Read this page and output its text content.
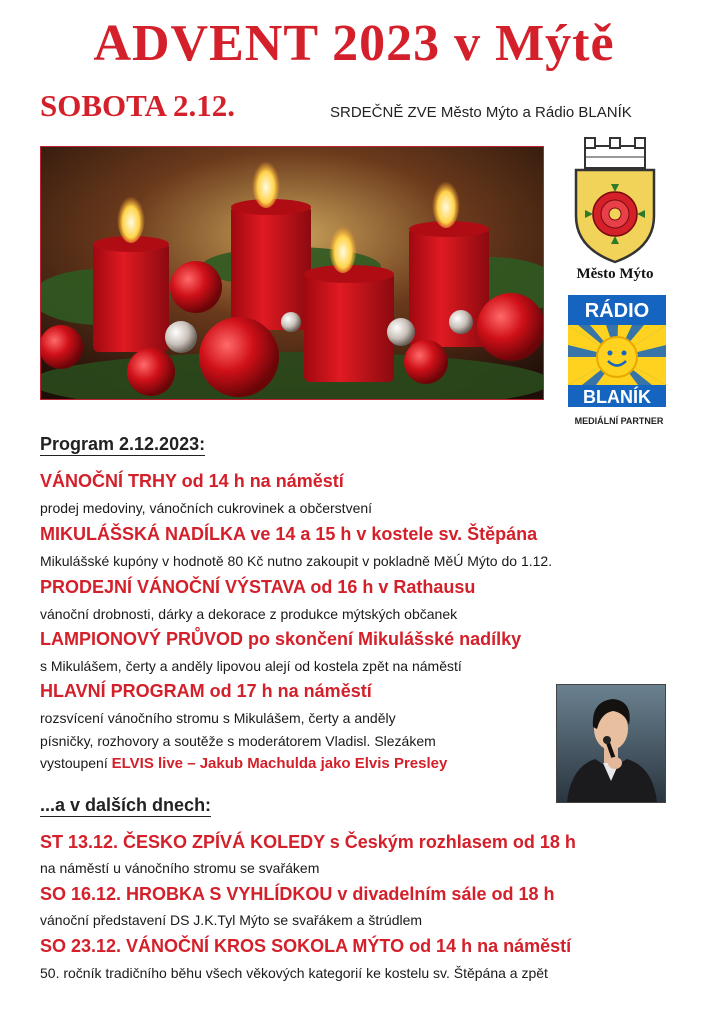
ADVENT 2023 v Mýtě
SOBOTA 2.12.	SRDEČNĚ ZVE Město Mýto a Rádio BLANÍK
Město Mýto
RÁDIO
BLANÍK
MEDIÁLNÍ PARTNER
Program 2.12.2023:
VÁNOČNÍ TRHY od 14 h na náměstí
prodej medoviny, vánočních cukrovinek a občerstvení
MIKULÁŠSKÁ NADÍLKA ve 14 a 15 h v kostele sv. Štěpána
Mikulášské kupóny v hodnotě 80 Kč nutno zakoupit v pokladně MěÚ Mýto do 1.12.
PRODEJNÍ VÁNOČNÍ VÝSTAVA od 16 h v Rathausu
vánoční drobnosti, dárky a dekorace z produkce mýtských občanek
LAMPIONOVÝ PRŮVOD po skončení Mikulášské nadílky
s Mikulášem, čerty a anděly lipovou alejí od kostela zpět na náměstí
HLAVNÍ PROGRAM od 17 h na náměstí
rozsvícení vánočního stromu s Mikulášem, čerty a anděly
písničky, rozhovory a soutěže s moderátorem Vladisl. Slezákem
vystoupení ELVIS live – Jakub Machulda jako Elvis Presley
...a v dalších dnech:
ST 13.12. ČESKO ZPÍVÁ KOLEDY s Českým rozhlasem od 18 h
na náměstí u vánočního stromu se svařákem
SO 16.12. HROBKA S VYHLÍDKOU v divadelním sále od 18 h
vánoční představení DS J.K.Tyl Mýto se svařákem a štrúdlem
SO 23.12. VÁNOČNÍ KROS SOKOLA MÝTO od 14 h na náměstí
50. ročník tradičního běhu všech věkových kategorií ke kostelu sv. Štěpána a zpět
